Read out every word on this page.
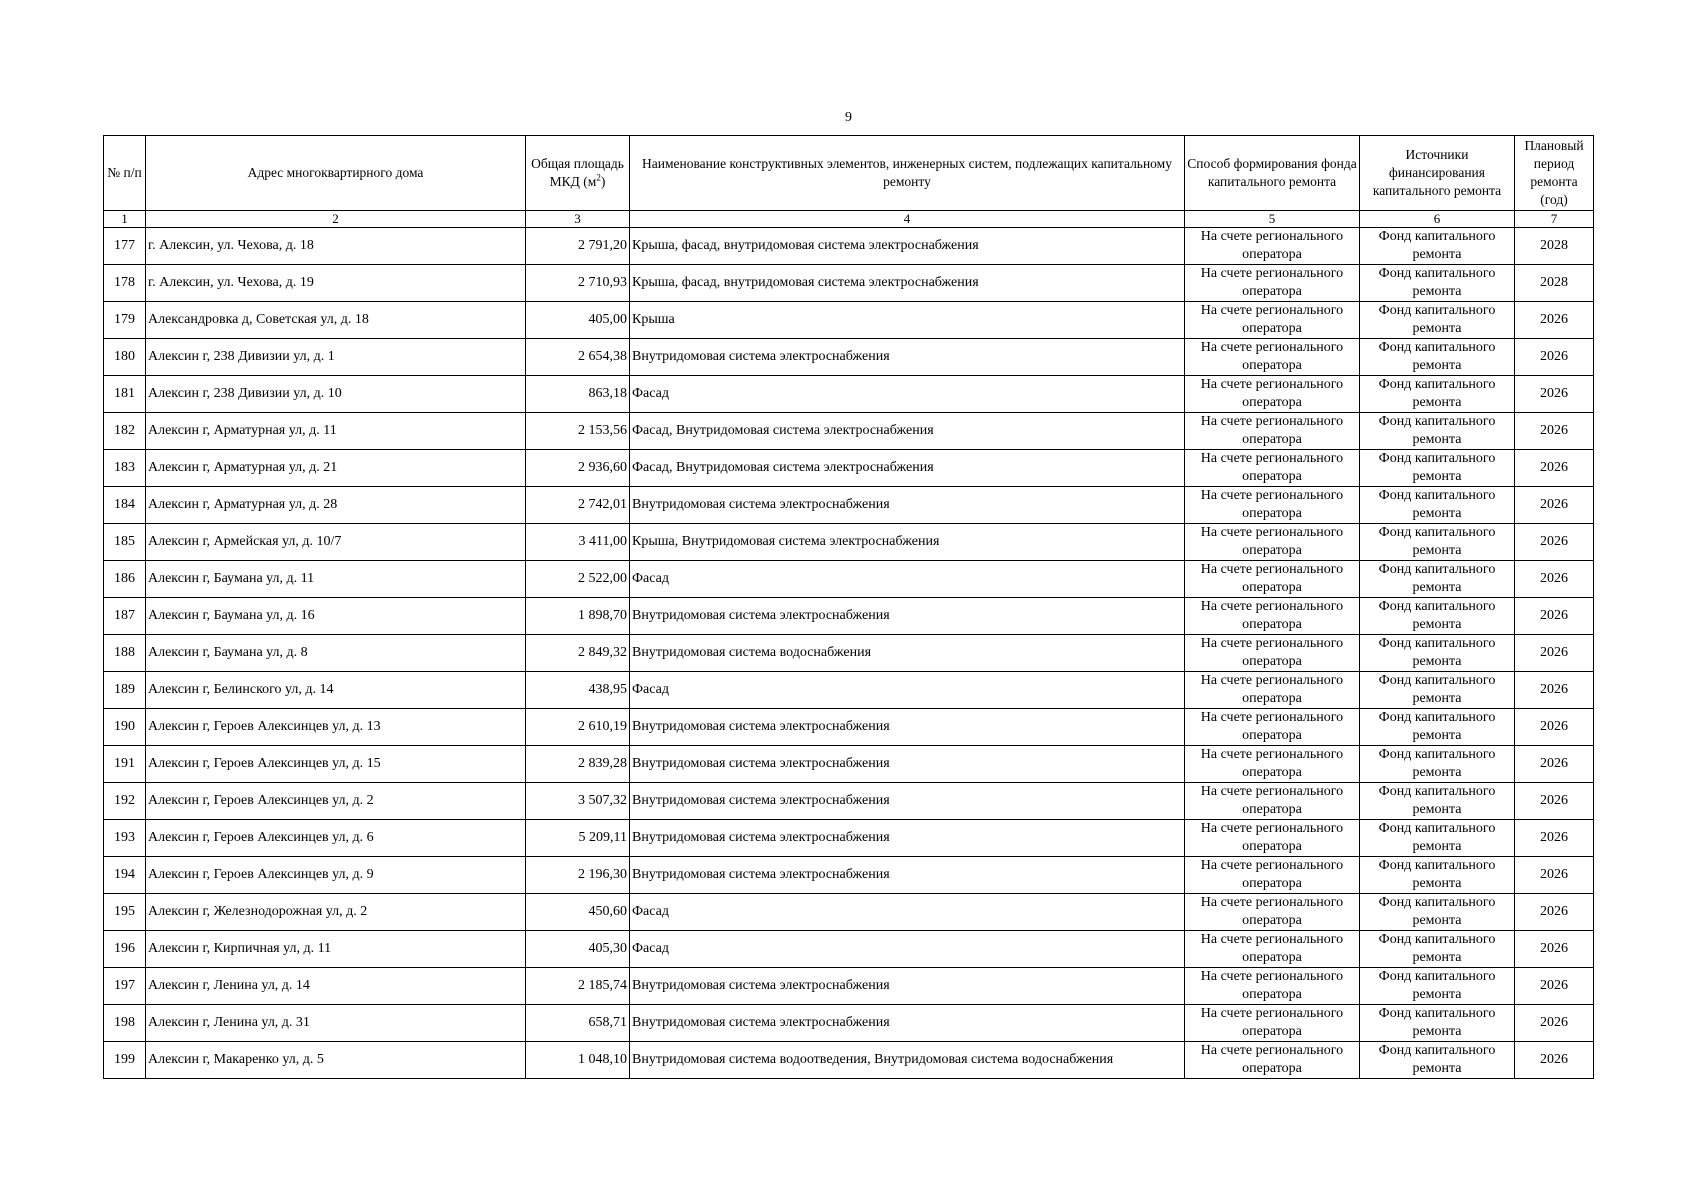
9
№ п/п	Адрес многоквартирного дома	Общая площадь МКД $(м^2)$	Наименование конструктивных элементов, инженерных систем, подлежащих капитальному ремонту	Способ формирования фонда капитального ремонта	Источники финансирования капитального ремонта	Плановый период ремонта (год)
1	2	3	4	5	6	7
177	г. Алексин, ул. Чехова, д. 18	2 791,20	Крыша, фасад, внутридомовая система электроснабжения	На счете регионального оператора	Фонд капитального ремонта	2028
178	г. Алексин, ул. Чехова, д. 19	2 710,93	Крыша, фасад, внутридомовая система электроснабжения	На счете регионального оператора	Фонд капитального ремонта	2028
179	Александровка д, Советская ул, д. 18	405,00	Крыша	На счете регионального оператора	Фонд капитального ремонта	2026
180	Алексин г, 238 Дивизии ул, д. 1	2 654,38	Внутридомовая система электроснабжения	На счете регионального оператора	Фонд капитального ремонта	2026
181	Алексин г, 238 Дивизии ул, д. 10	863,18	Фасад	На счете регионального оператора	Фонд капитального ремонта	2026
182	Алексин г, Арматурная ул, д. 11	2 153,56	Фасад, Внутридомовая система электроснабжения	На счете регионального оператора	Фонд капитального ремонта	2026
183	Алексин г, Арматурная ул, д. 21	2 936,60	Фасад, Внутридомовая система электроснабжения	На счете регионального оператора	Фонд капитального ремонта	2026
184	Алексин г, Арматурная ул, д. 28	2 742,01	Внутридомовая система электроснабжения	На счете регионального оператора	Фонд капитального ремонта	2026
185	Алексин г, Армейская ул, д. 10/7	3 411,00	Крыша, Внутридомовая система электроснабжения	На счете регионального оператора	Фонд капитального ремонта	2026
186	Алексин г, Баумана ул, д. 11	2 522,00	Фасад	На счете регионального оператора	Фонд капитального ремонта	2026
187	Алексин г, Баумана ул, д. 16	1 898,70	Внутридомовая система электроснабжения	На счете регионального оператора	Фонд капитального ремонта	2026
188	Алексин г, Баумана ул, д. 8	2 849,32	Внутридомовая система водоснабжения	На счете регионального оператора	Фонд капитального ремонта	2026
189	Алексин г, Белинского ул, д. 14	438,95	Фасад	На счете регионального оператора	Фонд капитального ремонта	2026
190	Алексин г, Героев Алексинцев ул, д. 13	2 610,19	Внутридомовая система электроснабжения	На счете регионального оператора	Фонд капитального ремонта	2026
191	Алексин г, Героев Алексинцев ул, д. 15	2 839,28	Внутридомовая система электроснабжения	На счете регионального оператора	Фонд капитального ремонта	2026
192	Алексин г, Героев Алексинцев ул, д. 2	3 507,32	Внутридомовая система электроснабжения	На счете регионального оператора	Фонд капитального ремонта	2026
193	Алексин г, Героев Алексинцев ул, д. 6	5 209,11	Внутридомовая система электроснабжения	На счете регионального оператора	Фонд капитального ремонта	2026
194	Алексин г, Героев Алексинцев ул, д. 9	2 196,30	Внутридомовая система электроснабжения	На счете регионального оператора	Фонд капитального ремонта	2026
195	Алексин г, Железнодорожная ул, д. 2	450,60	Фасад	На счете регионального оператора	Фонд капитального ремонта	2026
196	Алексин г, Кирпичная ул, д. 11	405,30	Фасад	На счете регионального оператора	Фонд капитального ремонта	2026
197	Алексин г, Ленина ул, д. 14	2 185,74	Внутридомовая система электроснабжения	На счете регионального оператора	Фонд капитального ремонта	2026
198	Алексин г, Ленина ул, д. 31	658,71	Внутридомовая система электроснабжения	На счете регионального оператора	Фонд капитального ремонта	2026
199	Алексин г, Макаренко ул, д. 5	1 048,10	Внутридомовая система водоотведения, Внутридомовая система водоснабжения	На счете регионального оператора	Фонд капитального ремонта	2026
